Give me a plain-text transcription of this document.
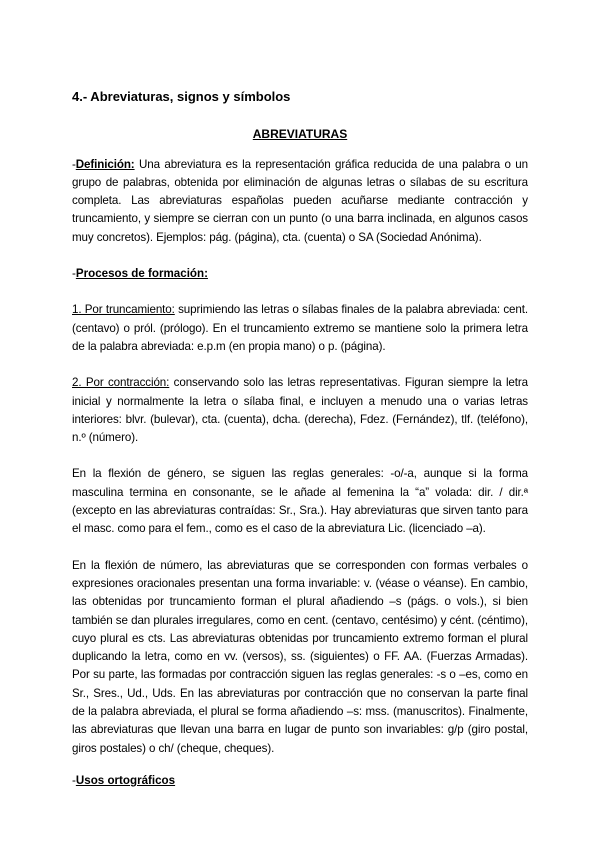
4.- Abreviaturas, signos y símbolos
ABREVIATURAS

-Definición: Una abreviatura es la representación gráfica reducida de una palabra o un grupo de palabras, obtenida por eliminación de algunas letras o sílabas de su escritura completa. Las abreviaturas españolas pueden acuñarse mediante contracción y truncamiento, y siempre se cierran con un punto (o una barra inclinada, en algunos casos muy concretos). Ejemplos: pág. (página), cta. (cuenta) o SA (Sociedad Anónima).

-Procesos de formación:

1. Por truncamiento: suprimiendo las letras o sílabas finales de la palabra abreviada: cent. (centavo) o pról. (prólogo). En el truncamiento extremo se mantiene solo la primera letra de la palabra abreviada: e.p.m (en propia mano) o p. (página).

2. Por contracción: conservando solo las letras representativas. Figuran siempre la letra inicial y normalmente la letra o sílaba final, e incluyen a menudo una o varias letras interiores: blvr. (bulevar), cta. (cuenta), dcha. (derecha), Fdez. (Fernández), tlf. (teléfono), n.º (número).

En la flexión de género, se siguen las reglas generales: -o/-a, aunque si la forma masculina termina en consonante, se le añade al femenina la “a” volada: dir. / dir.ª (excepto en las abreviaturas contraídas: Sr., Sra.). Hay abreviaturas que sirven tanto para el masc. como para el fem., como es el caso de la abreviatura Lic. (licenciado –a).

En la flexión de número, las abreviaturas que se corresponden con formas verbales o expresiones oracionales presentan una forma invariable: v. (véase o véanse). En cambio, las obtenidas por truncamiento forman el plural añadiendo –s (págs. o vols.), si bien también se dan plurales irregulares, como en cent. (centavo, centésimo) y cént. (céntimo), cuyo plural es cts. Las abreviaturas obtenidas por truncamiento extremo forman el plural duplicando la letra, como en vv. (versos), ss. (siguientes) o FF. AA. (Fuerzas Armadas). Por su parte, las formadas por contracción siguen las reglas generales: -s o –es, como en Sr., Sres., Ud., Uds. En las abreviaturas por contracción que no conservan la parte final de la palabra abreviada, el plural se forma añadiendo –s: mss. (manuscritos). Finalmente, las abreviaturas que llevan una barra en lugar de punto son invariables: g/p (giro postal, giros postales) o ch/ (cheque, cheques).

-Usos ortográficos
